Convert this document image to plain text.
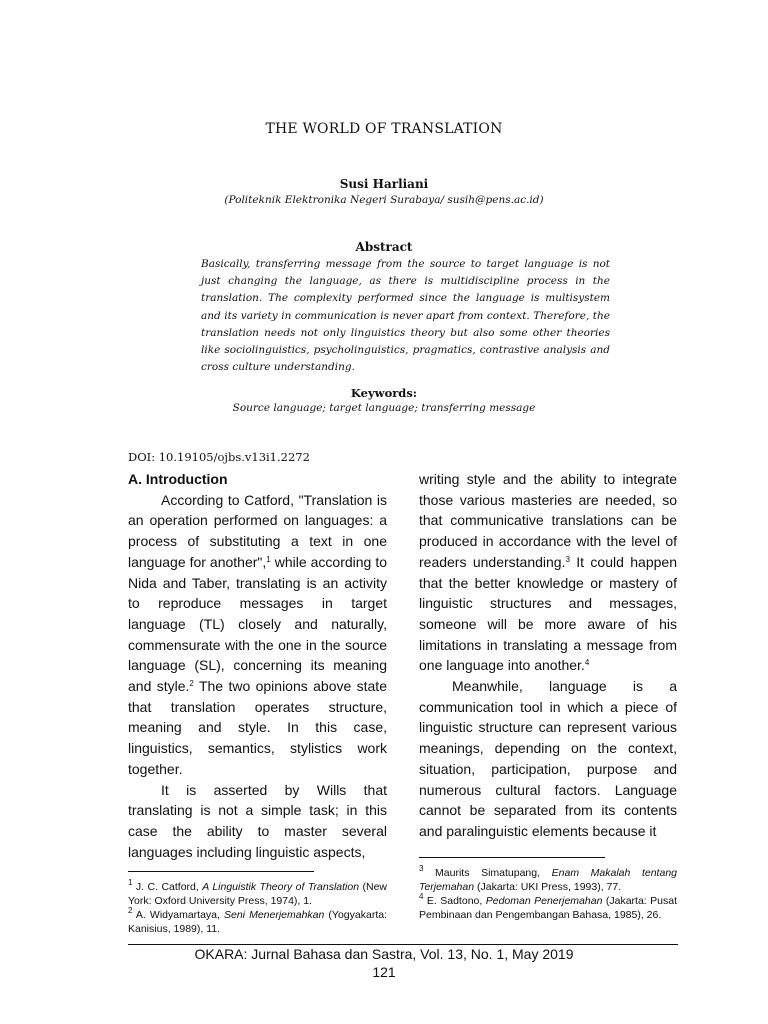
THE WORLD OF TRANSLATION
Susi Harliani
(Politeknik Elektronika Negeri Surabaya/ susih@pens.ac.id)
Abstract
Basically, transferring message from the source to target language is not just changing the language, as there is multidiscipline process in the translation. The complexity performed since the language is multisystem and its variety in communication is never apart from context. Therefore, the translation needs not only linguistics theory but also some other theories like sociolinguistics, psycholinguistics, pragmatics, contrastive analysis and cross culture understanding.
Keywords:
Source language; target language; transferring message
DOI: 10.19105/ojbs.v13i1.2272

A. Introduction

According to Catford, "Translation is an operation performed on languages: a process of substituting a text in one language for another",$^1$ while according to Nida and Taber, translating is an activity to reproduce messages in target language (TL) closely and naturally, commensurate with the one in the source language (SL), concerning its meaning and style.$^2$ The two opinions above state that translation operates structure, meaning and style. In this case, linguistics, semantics, stylistics work together.

It is asserted by Wills that translating is not a simple task; in this case the ability to master several languages including linguistic aspects,

writing style and the ability to integrate those various masteries are needed, so that communicative translations can be produced in accordance with the level of readers understanding.$^3$ It could happen that the better knowledge or mastery of linguistic structures and messages, someone will be more aware of his limitations in translating a message from one language into another.$^4$

Meanwhile, language is a communication tool in which a piece of linguistic structure can represent various meanings, depending on the context, situation, participation, purpose and numerous cultural factors. Language cannot be separated from its contents and paralinguistic elements because it

$^1$ J. C. Catford, A Linguistik Theory of Translation (New York: Oxford University Press, 1974), 1.

$^2$ A. Widyamartaya, Seni Menerjemahkan (Yogyakarta: Kanisius, 1989), 11.

$^3$ Maurits Simatupang, Enam Makalah tentang Terjemahan (Jakarta: UKI Press, 1993), 77.

$^4$ E. Sadtono, Pedoman Penerjemahan (Jakarta: Pusat Pembinaan dan Pengembangan Bahasa, 1985), 26.

OKARA: Jurnal Bahasa dan Sastra, Vol. 13, No. 1, May 2019
121
